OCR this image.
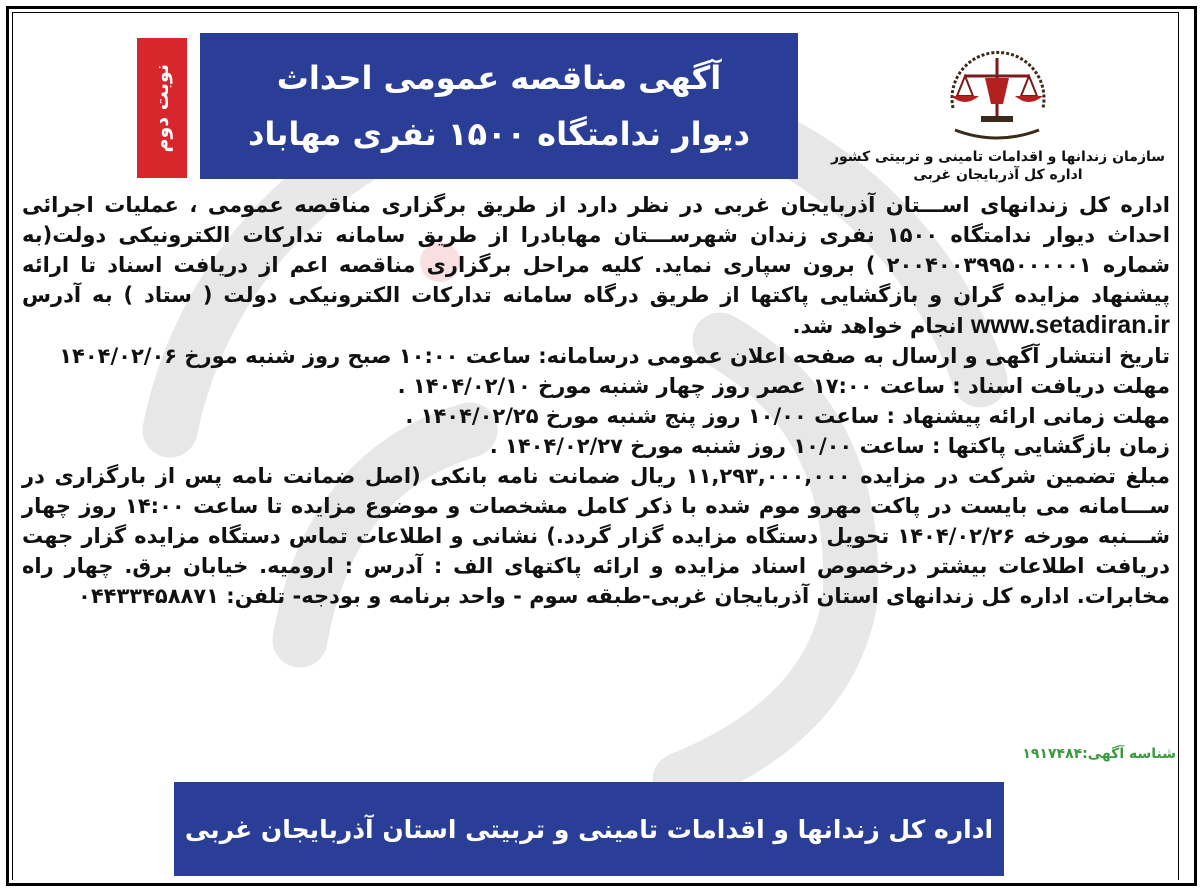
نوبت دوم	آگهی مناقصه عمومی احداث
دیوار ندامتگاه ۱۵۰۰ نفری مهاباد
سازمان زندانها و اقدامات تامینی و تربیتی کشور
اداره کل آذربایجان غربی

اداره کل زندانهای اســـتان آذربایجان غربی در نظر دارد از طریق برگزاری مناقصه عمومی ، عملیات اجرائی احداث دیوار ندامتگاه ۱۵۰۰ نفری زندان شهرســـتان مهابادرا از طریق سامانه تدارکات الکترونیکی دولت(به شماره ۲۰۰۴۰۰۳۹۹۵۰۰۰۰۰۱ ) برون سپاری نماید. کلیه مراحل برگزاری مناقصه اعم از دریافت اسناد تا ارائه پیشنهاد مزایده گران و بازگشایی پاکتها از طریق درگاه سامانه تدارکات الکترونیکی دولت ( ستاد ) به آدرس www.setadiran.ir انجام خواهد شد.

تاریخ انتشار آگهی و ارسال به صفحه اعلان عمومی درسامانه: ساعت ۱۰:۰۰ صبح روز شنبه مورخ ۱۴۰۴/۰۲/۰۶

مهلت دریافت اسناد : ساعت ۱۷:۰۰ عصر روز چهار شنبه مورخ ۱۴۰۴/۰۲/۱۰ .

مهلت زمانی ارائه پیشنهاد : ساعت ۱۰/۰۰ روز پنج شنبه مورخ ۱۴۰۴/۰۲/۲۵ .

زمان بازگشایی پاکتها : ساعت ۱۰/۰۰ روز شنبه مورخ ۱۴۰۴/۰۲/۲۷ .

مبلغ تضمین شرکت در مزایده ۱۱,۲۹۳,۰۰۰,۰۰۰ ریال ضمانت نامه بانکی (اصل ضمانت نامه پس از بارگزاری در ســـامانه می بایست در پاکت مهرو موم شده با ذکر کامل مشخصات و موضوع مزایده تا ساعت ۱۴:۰۰ روز چهار شـــنبه مورخه ۱۴۰۴/۰۲/۲۶ تحویل دستگاه مزایده گزار گردد.) نشانی و اطلاعات تماس دستگاه مزایده گزار جهت دریافت اطلاعات بیشتر درخصوص اسناد مزایده و ارائه پاکتهای الف : آدرس : ارومیه. خیابان برق. چهار راه مخابرات. اداره کل زندانهای استان آذربایجان غربی-طبقه سوم - واحد برنامه و بودجه- تلفن: ۰۴۴۳۳۴۵۸۸۷۱

شناسه آگهی:۱۹۱۷۴۸۴
اداره کل زندانها و اقدامات تامینی و تربیتی استان آذربایجان غربی
